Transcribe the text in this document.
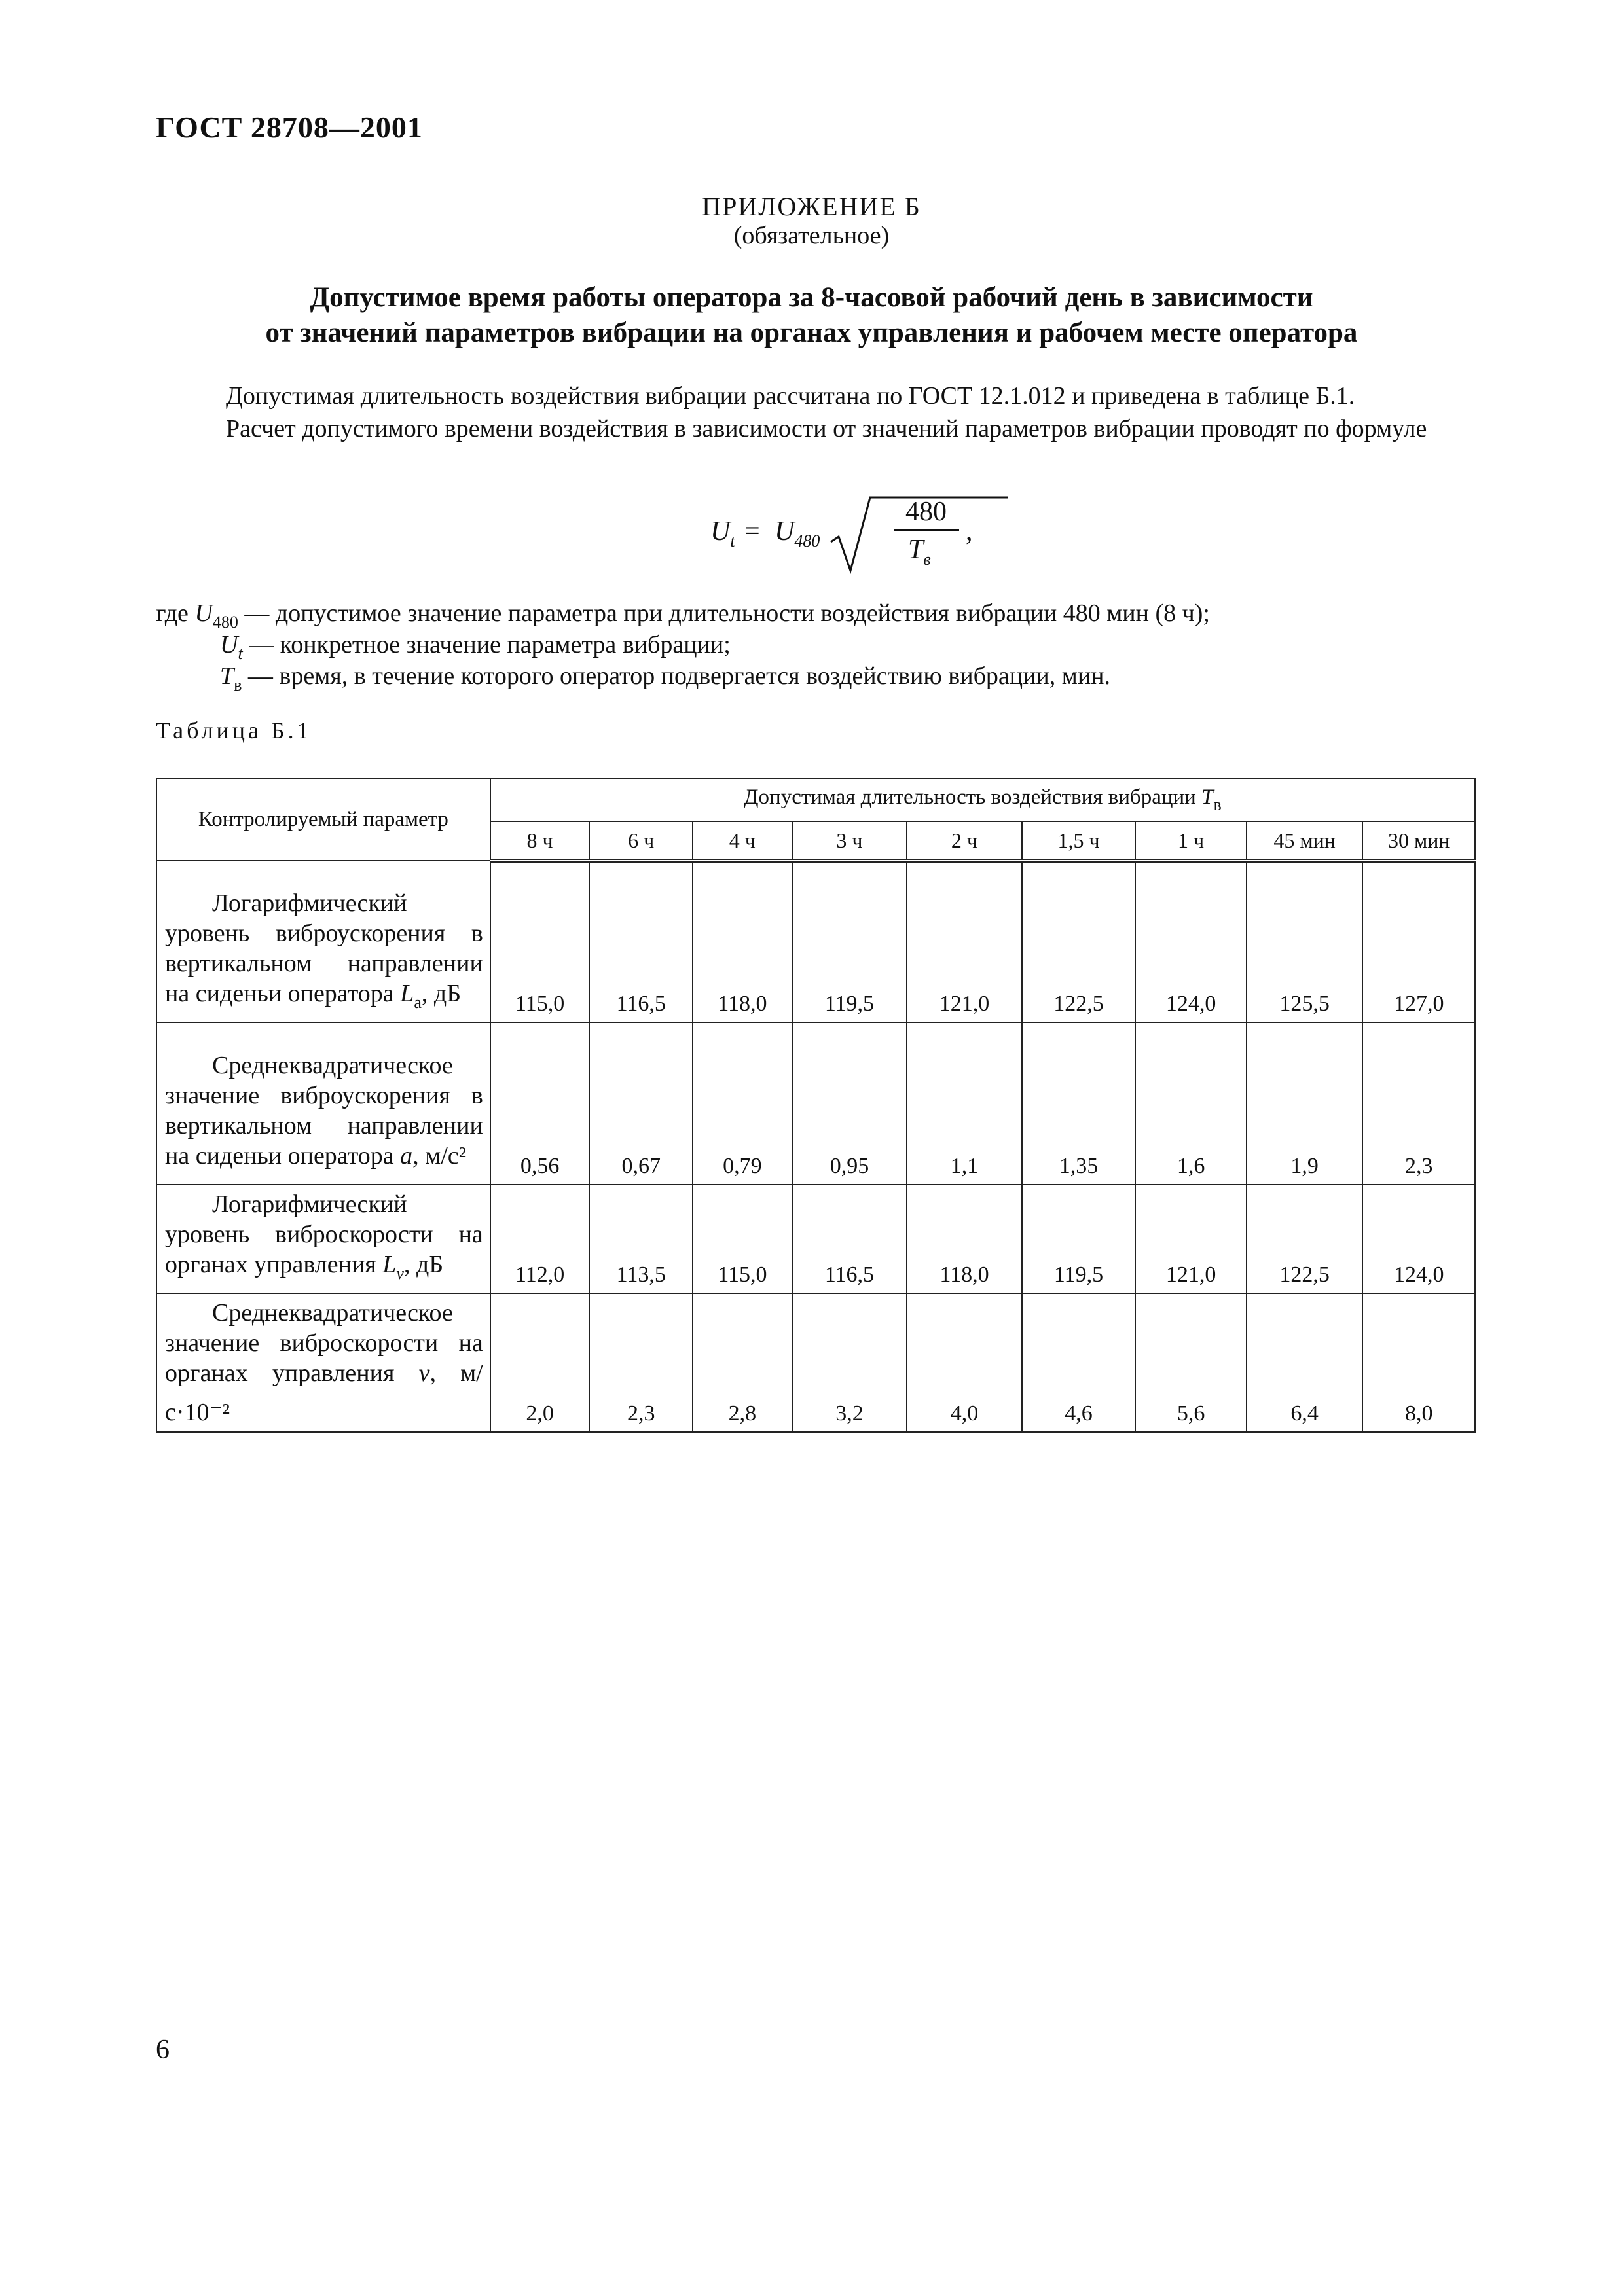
ГОСТ 28708—2001
ПРИЛОЖЕНИЕ Б
(обязательное)
Допустимое время работы оператора за 8-часовой рабочий день в зависимости
от значений параметров вибрации на органах управления и рабочем месте оператора
Допустимая длительность воздействия вибрации рассчитана по ГОСТ 12.1.012 и приведена в таблице Б.1.
Расчет допустимого времени воздействия в зависимости от значений параметров вибрации проводят по формуле
$U_t = U_{480}$
480
$T_в$
,
где $U_{480}$ — допустимое значение параметра при длительности воздействия вибрации 480 мин (8 ч);
$U_t$ — конкретное значение параметра вибрации;
$T_в$ — время, в течение которого оператор подвергается воздействию вибрации, мин.
Таблица Б.1
Контролируемый параметр	Допустимая длительность воздействия вибрации $T_в$
	8 ч	6 ч	4 ч	3 ч	2 ч	1,5 ч	1 ч	45 мин	30 мин
Логарифмический уровень виброускорения в вертикальном направлении на сиденьи оператора $L_a$, дБ	115,0	116,5	118,0	119,5	121,0	122,5	124,0	125,5	127,0
Среднеквадратическое значение виброускорения в вертикальном направлении на сиденьи оператора a, м/с²	0,56	0,67	0,79	0,95	1,1	1,35	1,6	1,9	2,3
Логарифмический уровень виброскорости на органах управления $L_v$, дБ	112,0	113,5	115,0	116,5	118,0	119,5	121,0	122,5	124,0
Среднеквадратическое значение виброскорости на органах управления v, м/с·10⁻²	2,0	2,3	2,8	3,2	4,0	4,6	5,6	6,4	8,0
6
